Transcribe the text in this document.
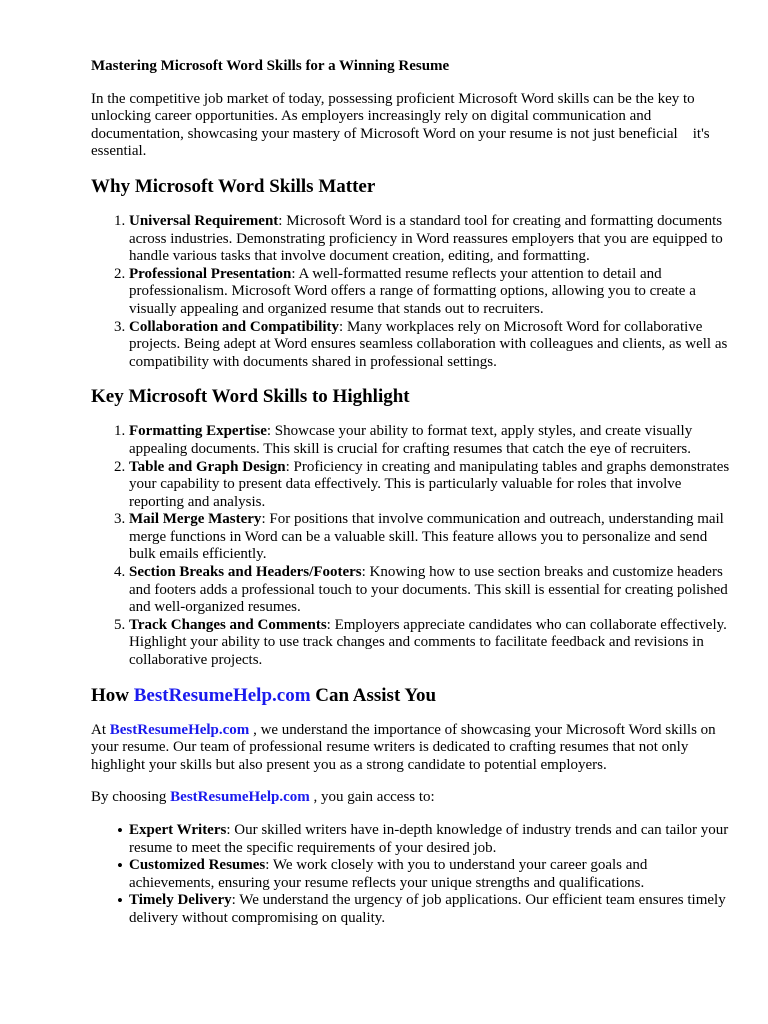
Mastering Microsoft Word Skills for a Winning Resume

In the competitive job market of today, possessing proficient Microsoft Word skills can be the key to unlocking career opportunities. As employers increasingly rely on digital communication and documentation, showcasing your mastery of Microsoft Word on your resume is not just beneficial it's essential.

Why Microsoft Word Skills Matter
1. Universal Requirement: Microsoft Word is a standard tool for creating and formatting documents across industries. Demonstrating proficiency in Word reassures employers that you are equipped to handle various tasks that involve document creation, editing, and formatting.
2. Professional Presentation: A well-formatted resume reflects your attention to detail and professionalism. Microsoft Word offers a range of formatting options, allowing you to create a visually appealing and organized resume that stands out to recruiters.
3. Collaboration and Compatibility: Many workplaces rely on Microsoft Word for collaborative projects. Being adept at Word ensures seamless collaboration with colleagues and clients, as well as compatibility with documents shared in professional settings.
Key Microsoft Word Skills to Highlight
1. Formatting Expertise: Showcase your ability to format text, apply styles, and create visually appealing documents. This skill is crucial for crafting resumes that catch the eye of recruiters.
2. Table and Graph Design: Proficiency in creating and manipulating tables and graphs demonstrates your capability to present data effectively. This is particularly valuable for roles that involve reporting and analysis.
3. Mail Merge Mastery: For positions that involve communication and outreach, understanding mail merge functions in Word can be a valuable skill. This feature allows you to personalize and send bulk emails efficiently.
4. Section Breaks and Headers/Footers: Knowing how to use section breaks and customize headers and footers adds a professional touch to your documents. This skill is essential for creating polished and well-organized resumes.
5. Track Changes and Comments: Employers appreciate candidates who can collaborate effectively. Highlight your ability to use track changes and comments to facilitate feedback and revisions in collaborative projects.
How BestResumeHelp.com Can Assist You

At BestResumeHelp.com , we understand the importance of showcasing your Microsoft Word skills on your resume. Our team of professional resume writers is dedicated to crafting resumes that not only highlight your skills but also present you as a strong candidate to potential employers.

By choosing BestResumeHelp.com , you gain access to:

• Expert Writers: Our skilled writers have in-depth knowledge of industry trends and can tailor your resume to meet the specific requirements of your desired job.
• Customized Resumes: We work closely with you to understand your career goals and achievements, ensuring your resume reflects your unique strengths and qualifications.
• Timely Delivery: We understand the urgency of job applications. Our efficient team ensures timely delivery without compromising on quality.
